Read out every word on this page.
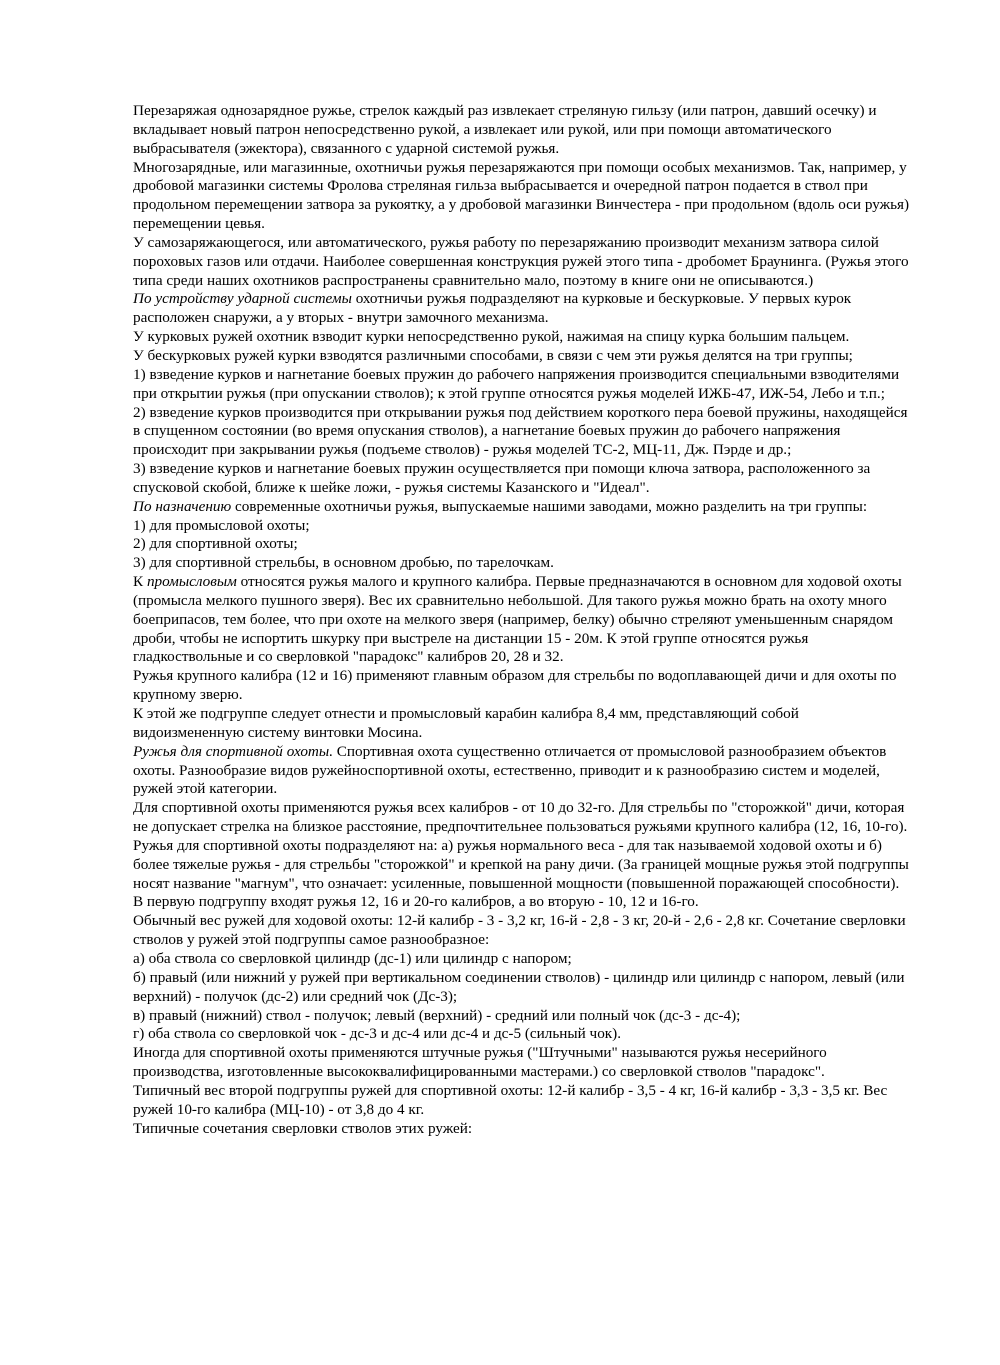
Перезаряжая однозарядное ружье, стрелок каждый раз извлекает стреляную гильзу (или патрон, давший осечку) и вкладывает новый патрон непосредственно рукой, а извлекает или рукой, или при помощи автоматического выбрасывателя (эжектора), связанного с ударной системой ружья.

Многозарядные, или магазинные, охотничьи ружья перезаряжаются при помощи особых механизмов. Так, например, у дробовой магазинки системы Фролова стреляная гильза выбрасывается и очередной патрон подается в ствол при продольном перемещении затвора за рукоятку, а у дробовой магазинки Винчестера - при продольном (вдоль оси ружья) перемещении цевья.

У самозаряжающегося, или автоматического, ружья работу по перезаряжанию производит механизм затвора силой пороховых газов или отдачи. Наиболее совершенная конструкция ружей этого типа - дробомет Браунинга. (Ружья этого типа среди наших охотников распространены сравнительно мало, поэтому в книге они не описываются.)

По устройству ударной системы охотничьи ружья подразделяют на курковые и бескурковые. У первых курок расположен снаружи, а у вторых - внутри замочного механизма.

У курковых ружей охотник взводит курки непосредственно рукой, нажимая на спицу курка большим пальцем.

У бескурковых ружей курки взводятся различными способами, в связи с чем эти ружья делятся на три группы;

1) взведение курков и нагнетание боевых пружин до рабочего напряжения производится специальными взводителями при открытии ружья (при опускании стволов); к этой группе относятся ружья моделей ИЖБ-47, ИЖ-54, Лебо и т.п.;

2) взведение курков производится при открывании ружья под действием короткого пера боевой пружины, находящейся в спущенном состоянии (во время опускания стволов), а нагнетание боевых пружин до рабочего напряжения происходит при закрывании ружья (подъеме стволов) - ружья моделей ТС-2, МЦ-11, Дж. Пэрде и др.;

3) взведение курков и нагнетание боевых пружин осуществляется при помощи ключа затвора, расположенного за спусковой скобой, ближе к шейке ложи, - ружья системы Казанского и "Идеал".

По назначению современные охотничьи ружья, выпускаемые нашими заводами, можно разделить на три группы:

1) для промысловой охоты;

2) для спортивной охоты;

3) для спортивной стрельбы, в основном дробью, по тарелочкам.

К промысловым относятся ружья малого и крупного калибра. Первые предназначаются в основном для ходовой охоты (промысла мелкого пушного зверя). Вес их сравнительно небольшой. Для такого ружья можно брать на охоту много боеприпасов, тем более, что при охоте на мелкого зверя (например, белку) обычно стреляют уменьшенным снарядом дроби, чтобы не испортить шкурку при выстреле на дистанции 15 - 20м. К этой группе относятся ружья гладкоствольные и со сверловкой "парадокс" калибров 20, 28 и 32.

Ружья крупного калибра (12 и 16) применяют главным образом для стрельбы по водоплавающей дичи и для охоты по крупному зверю.

К этой же подгруппе следует отнести и промысловый карабин калибра 8,4 мм, представляющий собой видоизмененную систему винтовки Мосина.

Ружья для спортивной охоты. Спортивная охота существенно отличается от промысловой разнообразием объектов охоты. Разнообразие видов ружейноспортивной охоты, естественно, приводит и к разнообразию систем и моделей, ружей этой категории.

Для спортивной охоты применяются ружья всех калибров - от 10 до 32-го. Для стрельбы по "сторожкой" дичи, которая не допускает стрелка на близкое расстояние, предпочтительнее пользоваться ружьями крупного калибра (12, 16, 10-го).

Ружья для спортивной охоты подразделяют на: а) ружья нормального веса - для так называемой ходовой охоты и б) более тяжелые ружья - для стрельбы "сторожкой" и крепкой на рану дичи. (За границей мощные ружья этой подгруппы носят название "магнум", что означает: усиленные, повышенной мощности (повышенной поражающей способности).

В первую подгруппу входят ружья 12, 16 и 20-го калибров, а во вторую - 10, 12 и 16-го.

Обычный вес ружей для ходовой охоты: 12-й калибр - 3 - 3,2 кг, 16-й - 2,8 - 3 кг, 20-й - 2,6 - 2,8 кг. Сочетание сверловки стволов у ружей этой подгруппы самое разнообразное:

а) оба ствола со сверловкой цилиндр (дс-1) или цилиндр с напором;

б) правый (или нижний у ружей при вертикальном соединении стволов) - цилиндр или цилиндр с напором, левый (или верхний) - получок (дс-2) или средний чок (Дс-3);

в) правый (нижний) ствол - получок; левый (верхний) - средний или полный чок (дс-3 - дс-4);

г) оба ствола со сверловкой чок - дс-3 и дс-4 или дс-4 и дс-5 (сильный чок).

Иногда для спортивной охоты применяются штучные ружья ("Штучными" называются ружья несерийного производства, изготовленные высококвалифицированными мастерами.) со сверловкой стволов "парадокс".

Типичный вес второй подгруппы ружей для спортивной охоты: 12-й калибр - 3,5 - 4 кг, 16-й калибр - 3,3 - 3,5 кг. Вес ружей 10-го калибра (МЦ-10) - от 3,8 до 4 кг.

Типичные сочетания сверловки стволов этих ружей:
